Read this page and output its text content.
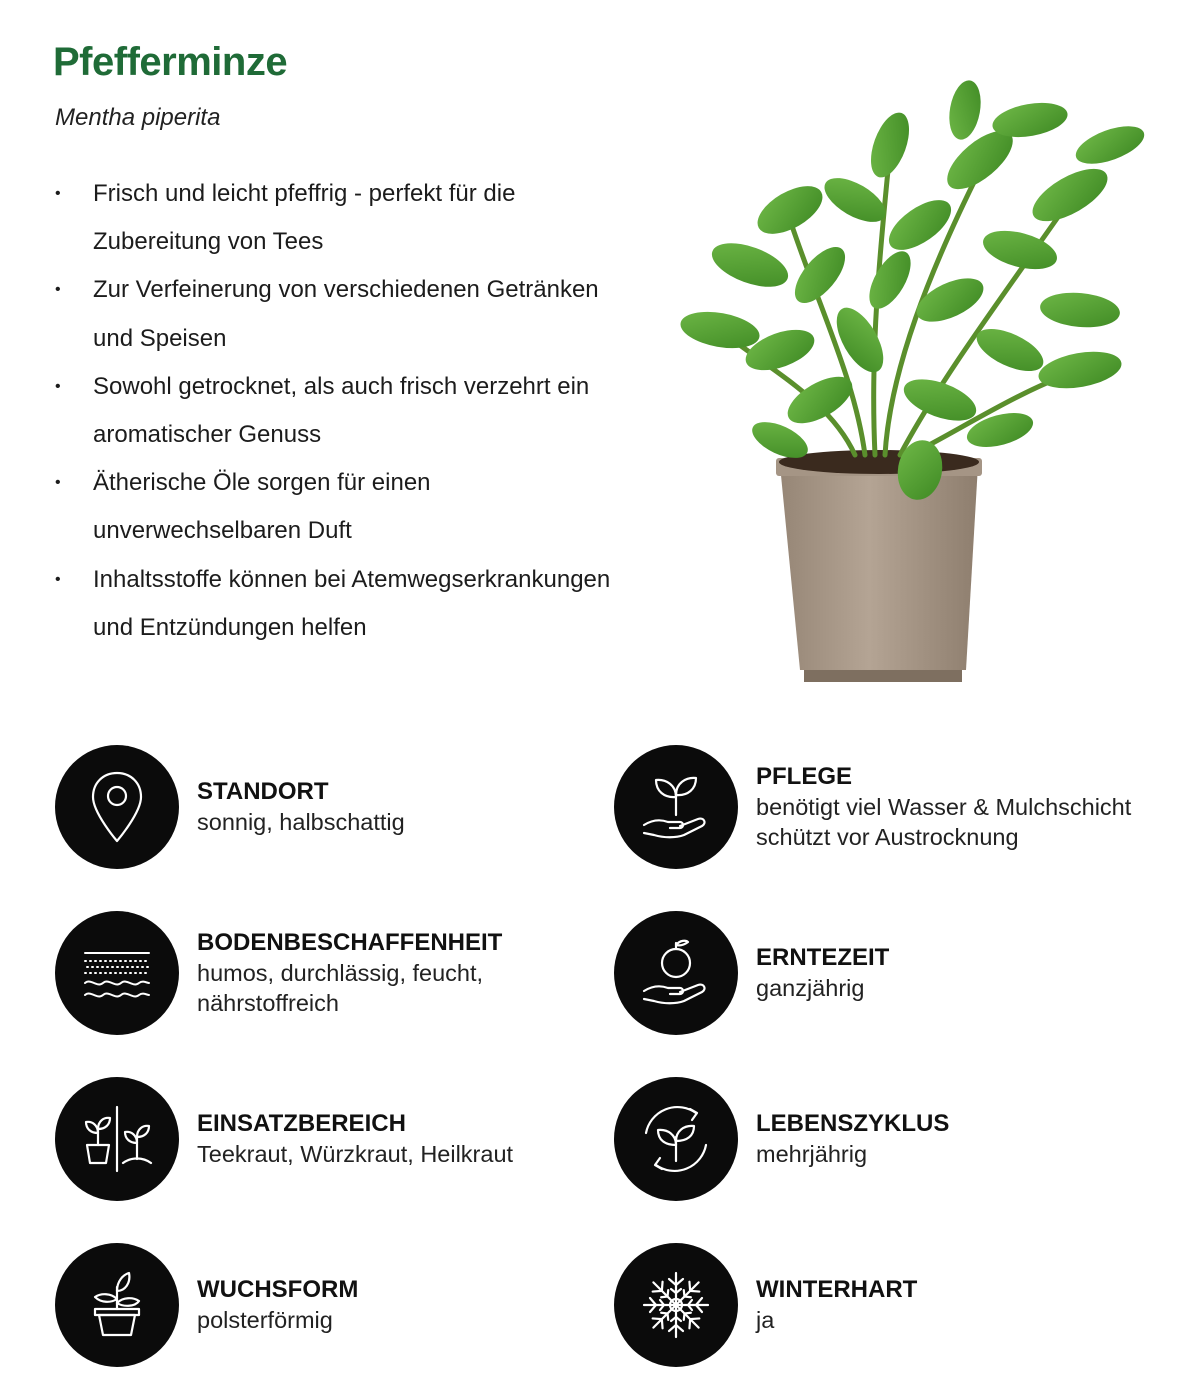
Pfefferminze
Mentha piperita
• Frisch und leicht pfeffrig - perfekt für die Zubereitung von Tees
• Zur Verfeinerung von verschiedenen Getränken und Speisen
• Sowohl getrocknet, als auch frisch verzehrt ein aromatischer Genuss
• Ätherische Öle sorgen für einen unverwechselbaren Duft
• Inhaltsstoffe können bei Atemwegserkrankungen und Entzündungen helfen
STANDORT
sonnig, halbschattig
PFLEGE
benötigt viel Wasser & Mulchschicht schützt vor Austrocknung
BODENBESCHAFFENHEIT
humos, durchlässig, feucht, nährstoffreich
ERNTEZEIT
ganzjährig
EINSATZBEREICH
Teekraut, Würzkraut, Heilkraut
LEBENSZYKLUS
mehrjährig
WUCHSFORM
polsterförmig
WINTERHART
ja
